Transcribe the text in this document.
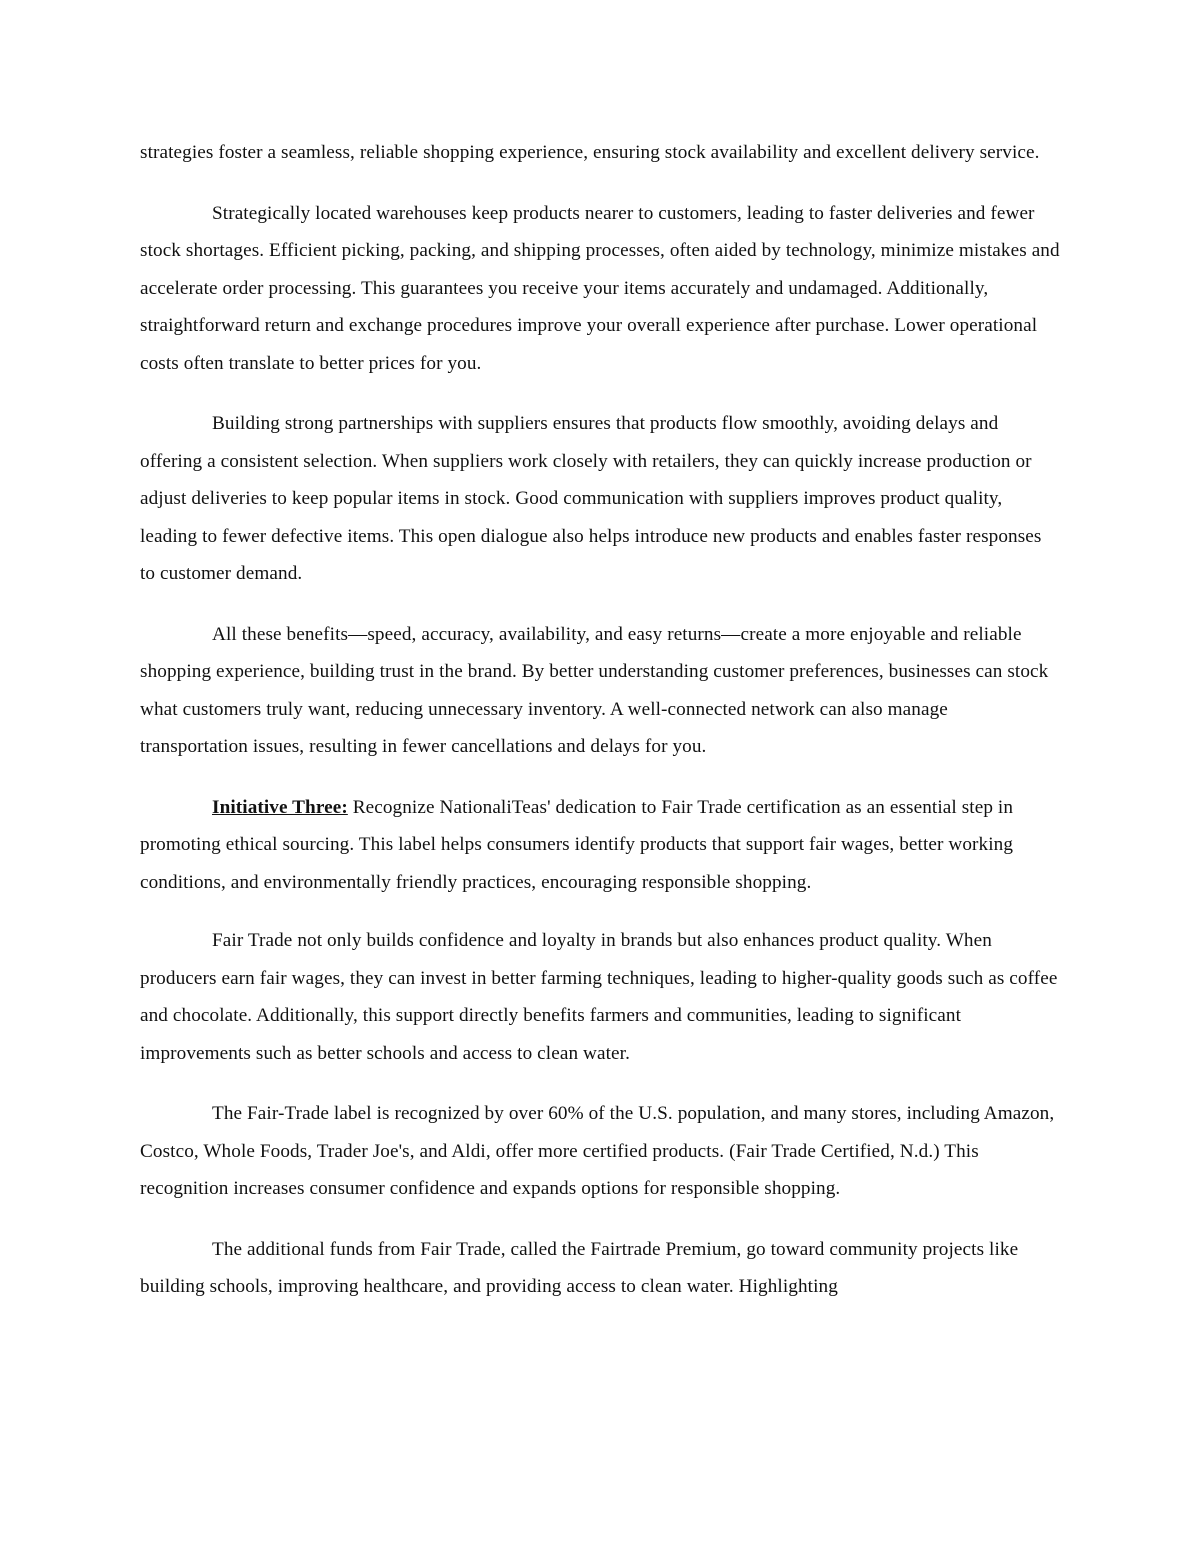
strategies foster a seamless, reliable shopping experience, ensuring stock availability and excellent delivery service.

Strategically located warehouses keep products nearer to customers, leading to faster deliveries and fewer stock shortages. Efficient picking, packing, and shipping processes, often aided by technology, minimize mistakes and accelerate order processing. This guarantees you receive your items accurately and undamaged. Additionally, straightforward return and exchange procedures improve your overall experience after purchase. Lower operational costs often translate to better prices for you.

Building strong partnerships with suppliers ensures that products flow smoothly, avoiding delays and offering a consistent selection. When suppliers work closely with retailers, they can quickly increase production or adjust deliveries to keep popular items in stock. Good communication with suppliers improves product quality, leading to fewer defective items. This open dialogue also helps introduce new products and enables faster responses to customer demand.

All these benefits—speed, accuracy, availability, and easy returns—create a more enjoyable and reliable shopping experience, building trust in the brand. By better understanding customer preferences, businesses can stock what customers truly want, reducing unnecessary inventory. A well-connected network can also manage transportation issues, resulting in fewer cancellations and delays for you.

Initiative Three: Recognize NationaliTeas' dedication to Fair Trade certification as an essential step in promoting ethical sourcing. This label helps consumers identify products that support fair wages, better working conditions, and environmentally friendly practices, encouraging responsible shopping.

Fair Trade not only builds confidence and loyalty in brands but also enhances product quality. When producers earn fair wages, they can invest in better farming techniques, leading to higher-quality goods such as coffee and chocolate. Additionally, this support directly benefits farmers and communities, leading to significant improvements such as better schools and access to clean water.

The Fair-Trade label is recognized by over 60% of the U.S. population, and many stores, including Amazon, Costco, Whole Foods, Trader Joe's, and Aldi, offer more certified products. (Fair Trade Certified, N.d.) This recognition increases consumer confidence and expands options for responsible shopping.

The additional funds from Fair Trade, called the Fairtrade Premium, go toward community projects like building schools, improving healthcare, and providing access to clean water. Highlighting
